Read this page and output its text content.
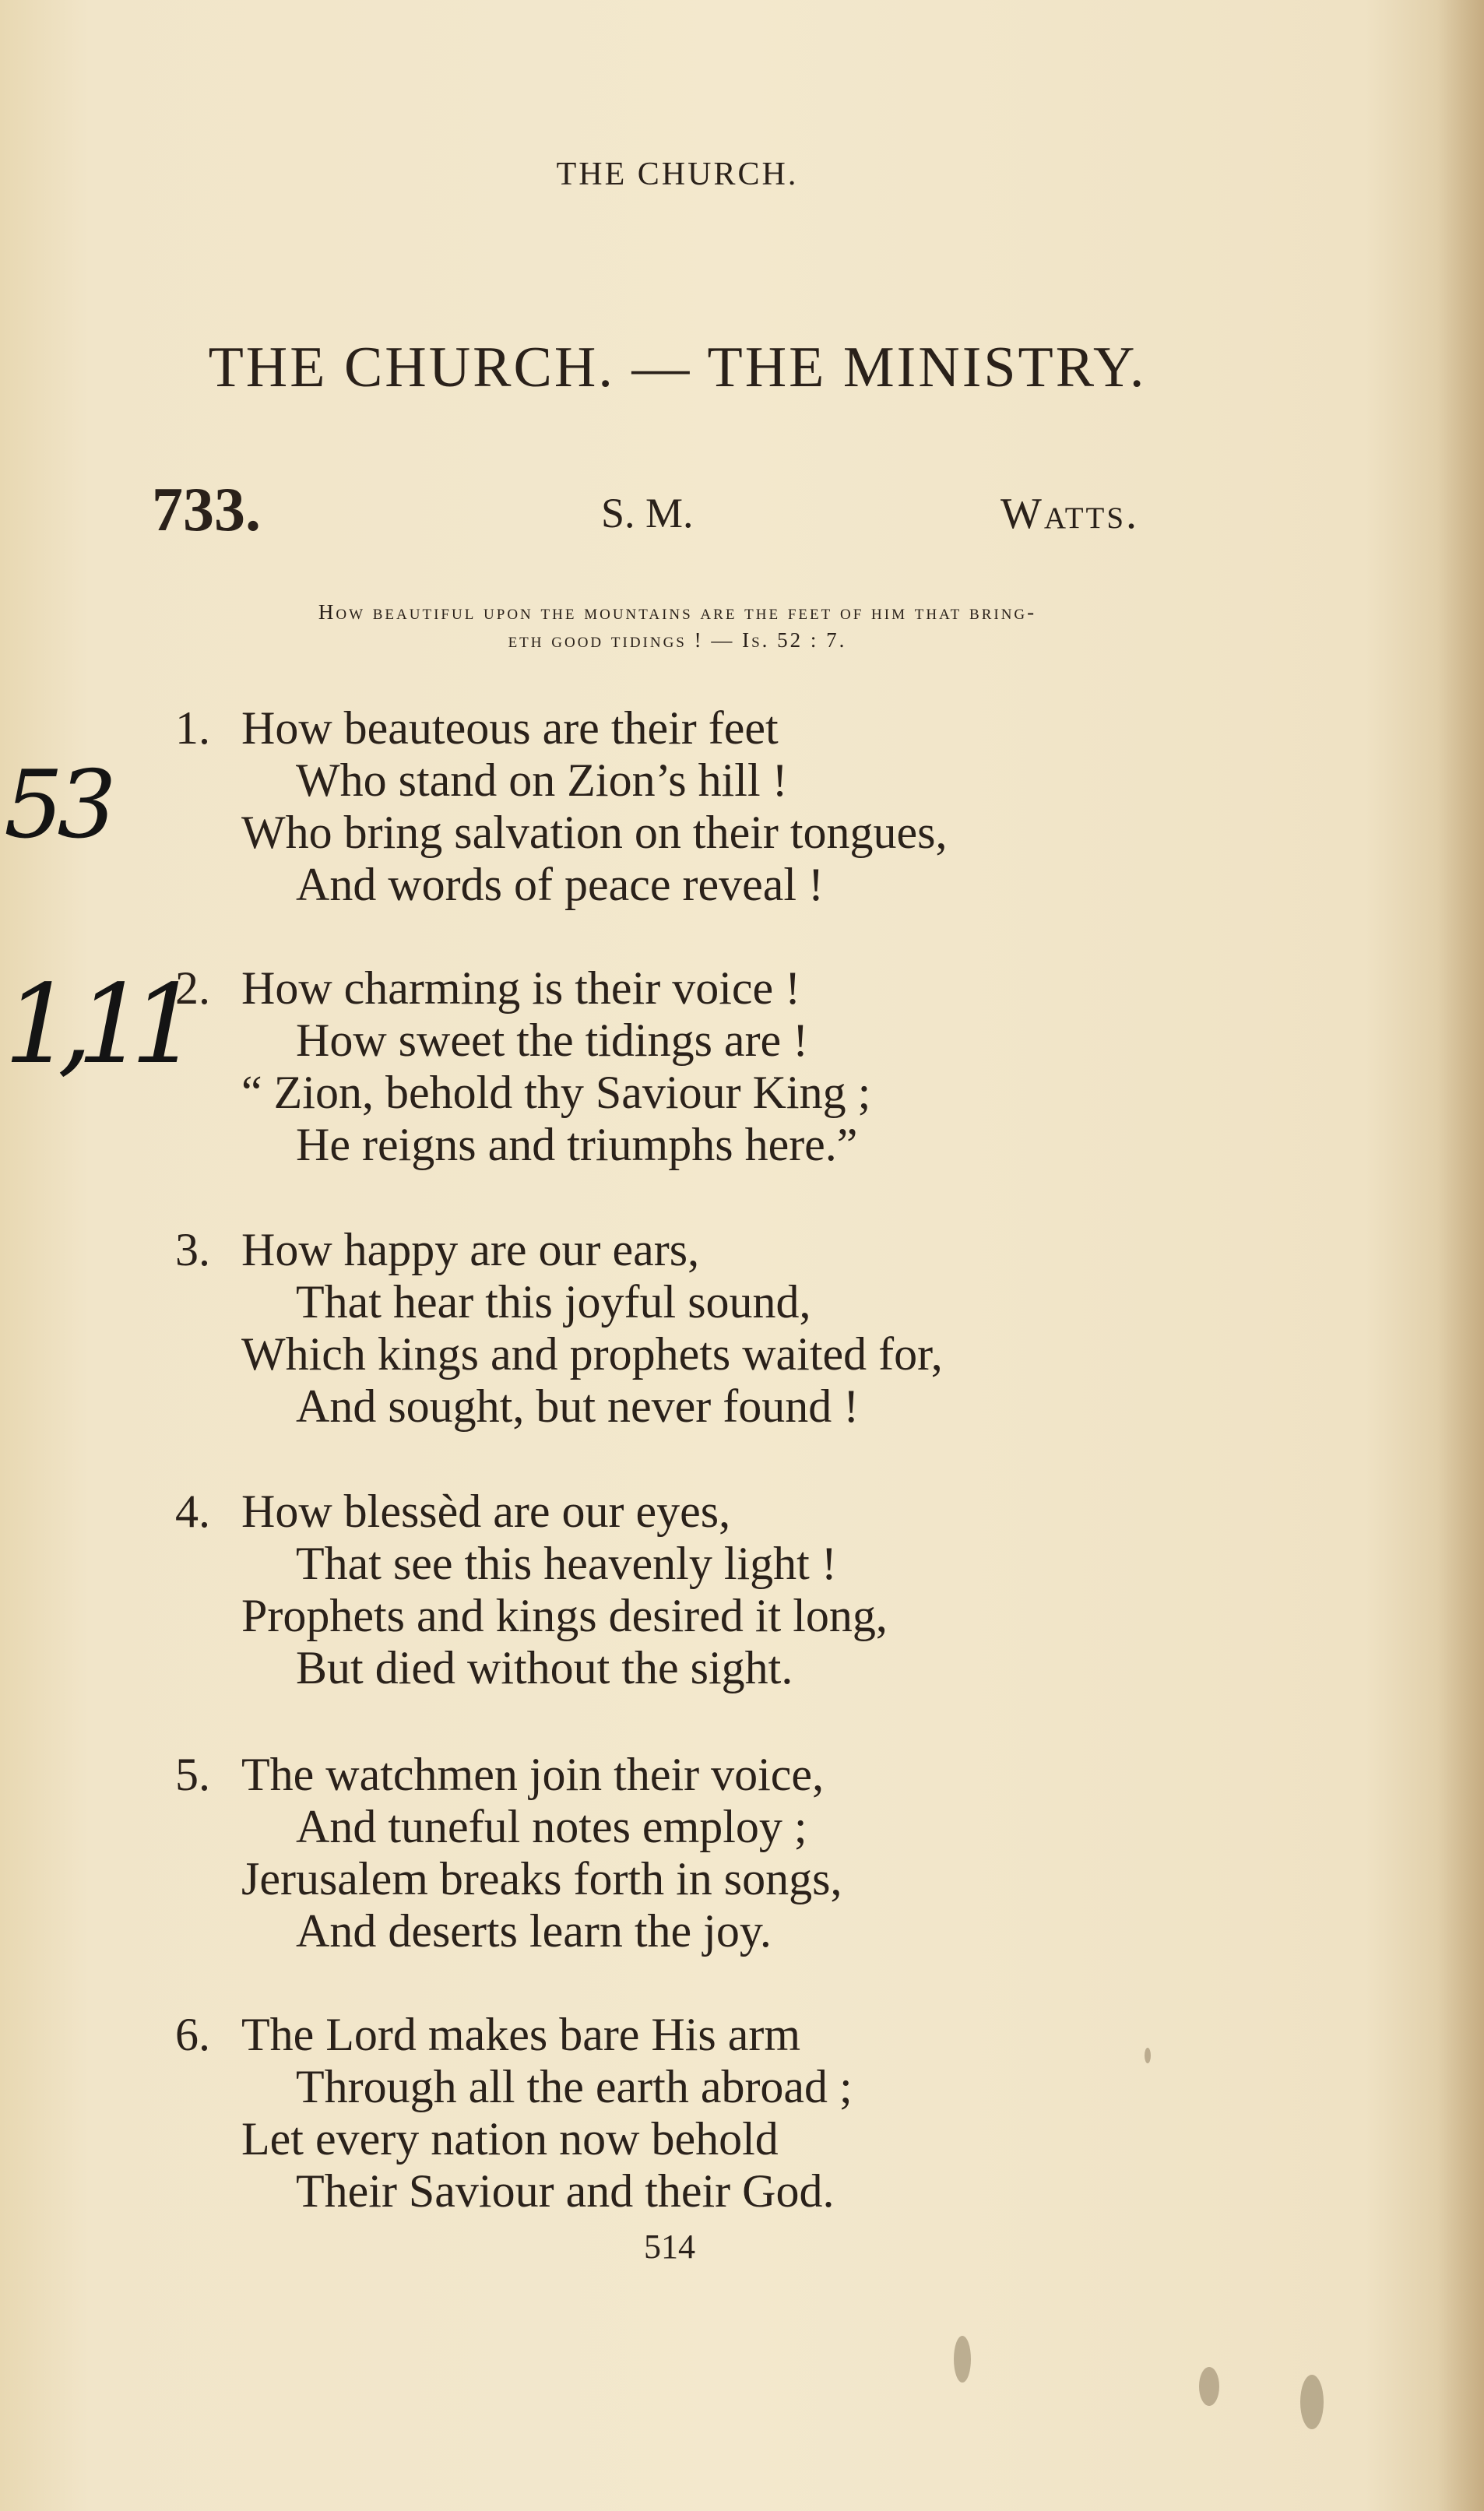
THE CHURCH.
THE CHURCH. — THE MINISTRY.
733.	S. M.	Watts.
How beautiful upon the mountains are the feet of him that bring-
eth good tidings ! — Is. 52 : 7.
1. How beauteous are their feet
Who stand on Zion’s hill !
Who bring salvation on their tongues,
And words of peace reveal !
2. How charming is their voice !
How sweet the tidings are !
“ Zion, behold thy Saviour King ;
He reigns and triumphs here.”
3. How happy are our ears,
That hear this joyful sound,
Which kings and prophets waited for,
And sought, but never found !
4. How blessèd are our eyes,
That see this heavenly light !
Prophets and kings desired it long,
But died without the sight.
5. The watchmen join their voice,
And tuneful notes employ ;
Jerusalem breaks forth in songs,
And deserts learn the joy.
6. The Lord makes bare His arm
Through all the earth abroad ;
Let every nation now behold
Their Saviour and their God.
514
53
1,11
